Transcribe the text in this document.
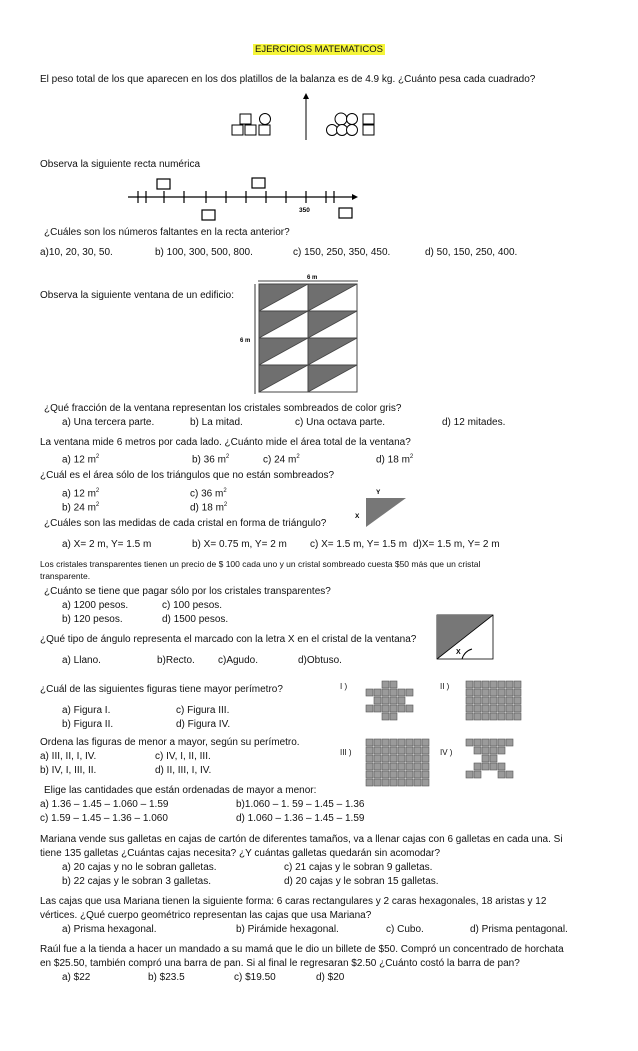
EJERCICIOS MATEMATICOS
El peso total de los que aparecen en los dos platillos de la balanza es de 4.9 kg. ¿Cuánto pesa cada cuadrado?
Observa la siguiente recta numérica
350
¿Cuáles son los números faltantes en la recta anterior?
a)10, 20, 30, 50.	b) 100, 300, 500, 800.	c) 150, 250, 350, 450.	d) 50, 150, 250, 400.
Observa la siguiente ventana de un edificio:
6 m
6 m
¿Qué fracción de la ventana representan los cristales sombreados de color gris?
a) Una tercera parte.	b) La mitad.	c) Una octava parte.	d) 12 mitades.
La ventana mide 6 metros por cada lado. ¿Cuánto mide el área total de la ventana?
a) 12 $m^2$	b) 36 $m^2$	c) 24 $m^2$	d) 18 $m^2$
¿Cuál es el área sólo de los triángulos que no están sombreados?
a) 12 $m^2$	c) 36 $m^2$
b) 24 $m^2$	d) 18 $m^2$
Y
X
¿Cuáles son las medidas de cada cristal en forma de triángulo?
a) X= 2 m, Y= 1.5 m	b) X= 0.75 m, Y= 2 m c) X= 1.5 m, Y= 1.5 m d)X= 1.5 m, Y= 2 m
Los cristales transparentes tienen un precio de $ 100 cada uno y un cristal sombreado cuesta $50 más que un cristal
transparente.
¿Cuánto se tiene que pagar sólo por los cristales transparentes?
a) 1200 pesos.	c) 100 pesos.
b) 120 pesos.	d) 1500 pesos.
¿Qué tipo de ángulo representa el marcado con la letra X en el cristal de la ventana?
X
a) Llano.	b)Recto. c)Agudo.	d)Obtuso.
¿Cuál de las siguientes figuras tiene mayor perímetro?
a) Figura I.	c) Figura III.
b) Figura II.	d) Figura IV.
I )	II )
III )	IV )
Ordena las figuras de menor a mayor, según su perímetro.
a) III, II, I, IV.	c) IV, I, II, III.
b) IV, I, III, II.	d) II, III, I, IV.
Elige las cantidades que están ordenadas de mayor a menor:
a) 1.36 – 1.45 – 1.060 – 1.59	b)1.060 – 1. 59 – 1.45 – 1.36
c) 1.59 – 1.45 – 1.36 – 1.060	d) 1.060 – 1.36 – 1.45 – 1.59
Mariana vende sus galletas en cajas de cartón de diferentes tamaños, va a llenar cajas con 6 galletas en cada una. Si
tiene 135 galletas ¿Cuántas cajas necesita? ¿Y cuántas galletas quedarán sin acomodar?
a) 20 cajas y no le sobran galletas.	c) 21 cajas y le sobran 9 galletas.
b) 22 cajas y le sobran 3 galletas.	d) 20 cajas y le sobran 15 galletas.
Las cajas que usa Mariana tienen la siguiente forma: 6 caras rectangulares y 2 caras hexagonales, 18 aristas y 12
vértices. ¿Qué cuerpo geométrico representan las cajas que usa Mariana?
a) Prisma hexagonal.	b) Pirámide hexagonal.	c) Cubo.	d) Prisma pentagonal.
Raúl fue a la tienda a hacer un mandado a su mamá que le dio un billete de $50. Compró un concentrado de horchata
en $25.50, también compró una barra de pan. Si al final le regresaran $2.50 ¿Cuánto costó la barra de pan?
a) $22	b) $23.5	c) $19.50	d) $20
